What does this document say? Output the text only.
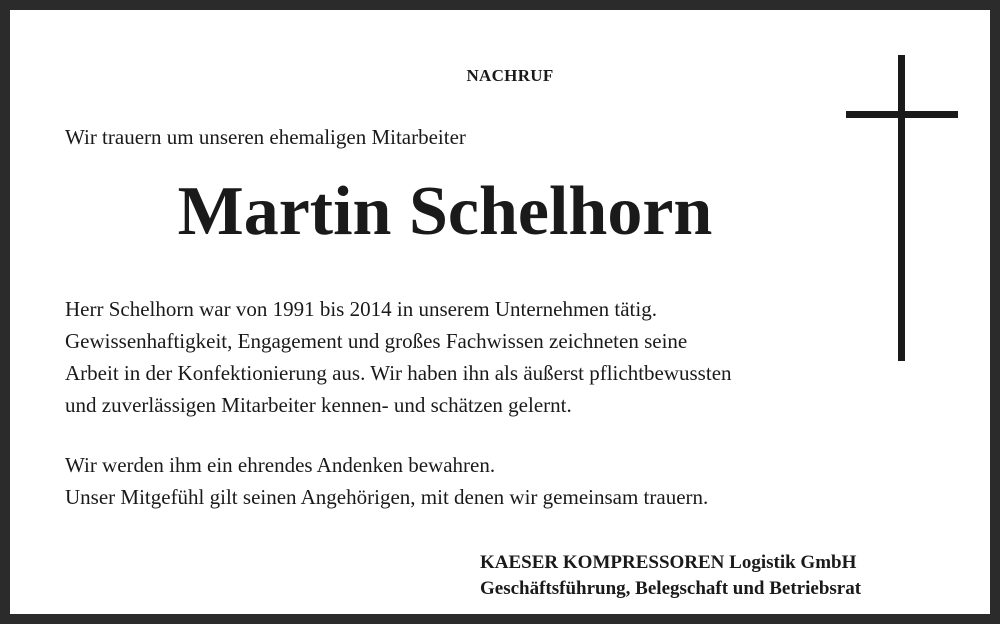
NACHRUF

Wir trauern um unseren ehemaligen Mitarbeiter

Martin Schelhorn

Herr Schelhorn war von 1991 bis 2014 in unserem Unternehmen tätig.
Gewissenhaftigkeit, Engagement und großes Fachwissen zeichneten seine
Arbeit in der Konfektionierung aus. Wir haben ihn als äußerst pflichtbewussten
und zuverlässigen Mitarbeiter kennen- und schätzen gelernt.

Wir werden ihm ein ehrendes Andenken bewahren.
Unser Mitgefühl gilt seinen Angehörigen, mit denen wir gemeinsam trauern.

KAESER KOMPRESSOREN Logistik GmbH
Geschäftsführung, Belegschaft und Betriebsrat
